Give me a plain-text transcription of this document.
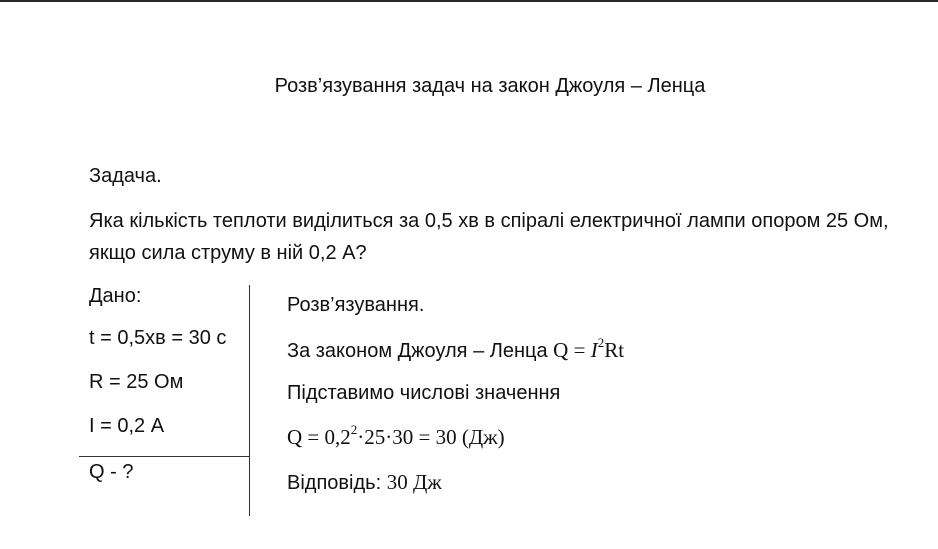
Розв’язування задач на закон Джоуля – Ленца
Задача.
Яка кількість теплоти виділиться за 0,5 хв в спіралі електричної лампи опором 25 Ом, якщо сила струму в ній 0,2 А?
Дано:
t = 0,5хв = 30 с
R = 25 Ом
I = 0,2 А
Q - ?
Розв’язування.
За законом Джоуля – Ленца $Q = I^2Rt$
Підставимо числові значення
$Q = 0,2^2\cdot 25\cdot 30 = 30$ (Дж)
Відповідь: 30 Дж
